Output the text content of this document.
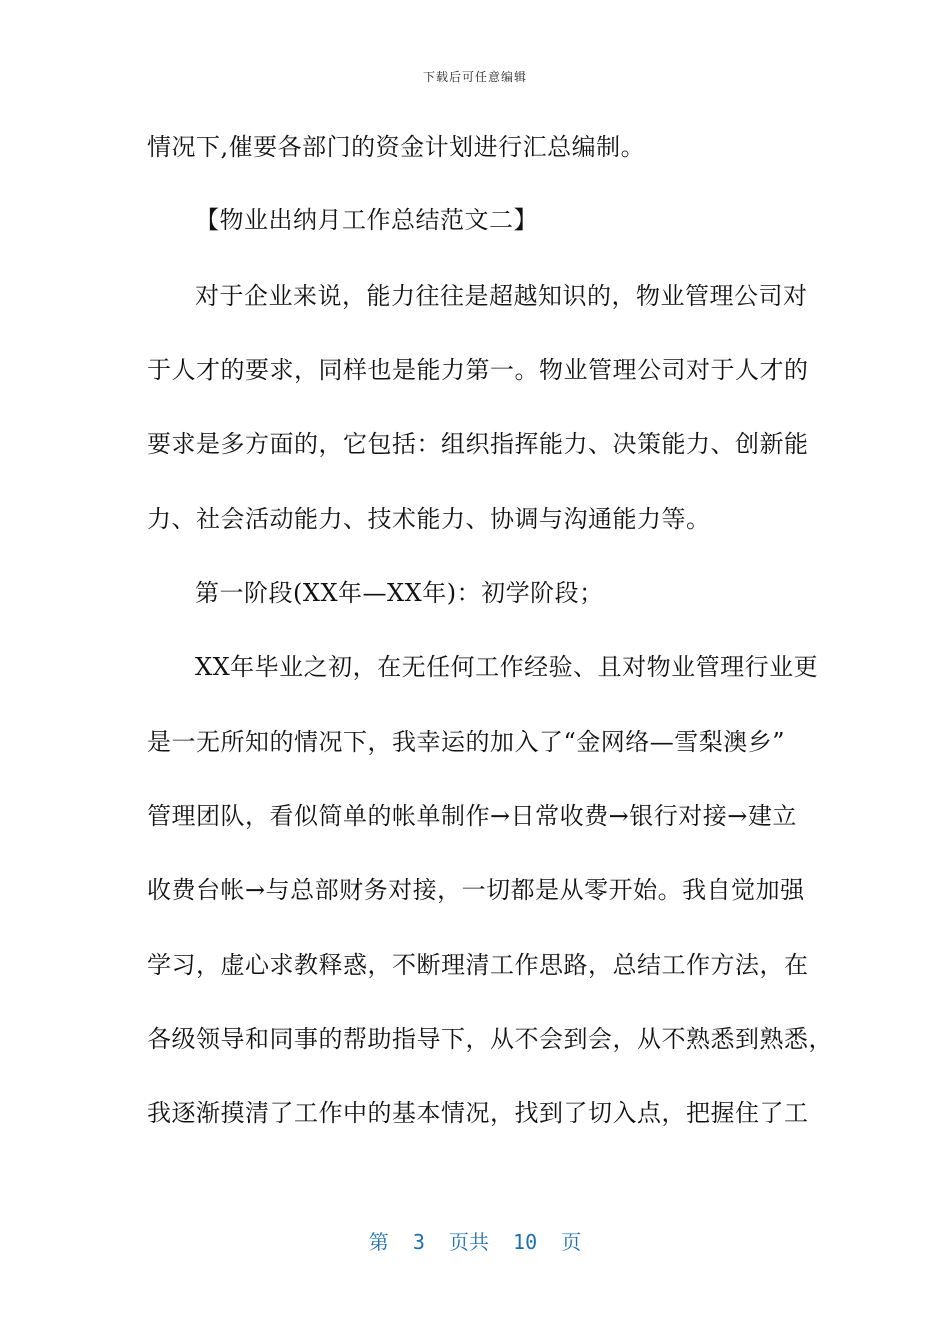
下载后可任意编辑
情况下,催要各部门的资金计划进行汇总编制。
【物业出纳月工作总结范文二】
对于企业来说，能力往往是超越知识的，物业管理公司对
于人才的要求，同样也是能力第一。物业管理公司对于人才的
要求是多方面的，它包括：组织指挥能力、决策能力、创新能
力、社会活动能力、技术能力、协调与沟通能力等。
第一阶段(XX年—XX年)：初学阶段；
XX年毕业之初，在无任何工作经验、且对物业管理行业更
是一无所知的情况下，我幸运的加入了“金网络—雪梨澳乡”
管理团队，看似简单的帐单制作→日常收费→银行对接→建立
收费台帐→与总部财务对接，一切都是从零开始。我自觉加强
学习，虚心求教释惑，不断理清工作思路，总结工作方法，在
各级领导和同事的帮助指导下，从不会到会，从不熟悉到熟悉，
我逐渐摸清了工作中的基本情况，找到了切入点，把握住了工
第  3  页共  10  页
